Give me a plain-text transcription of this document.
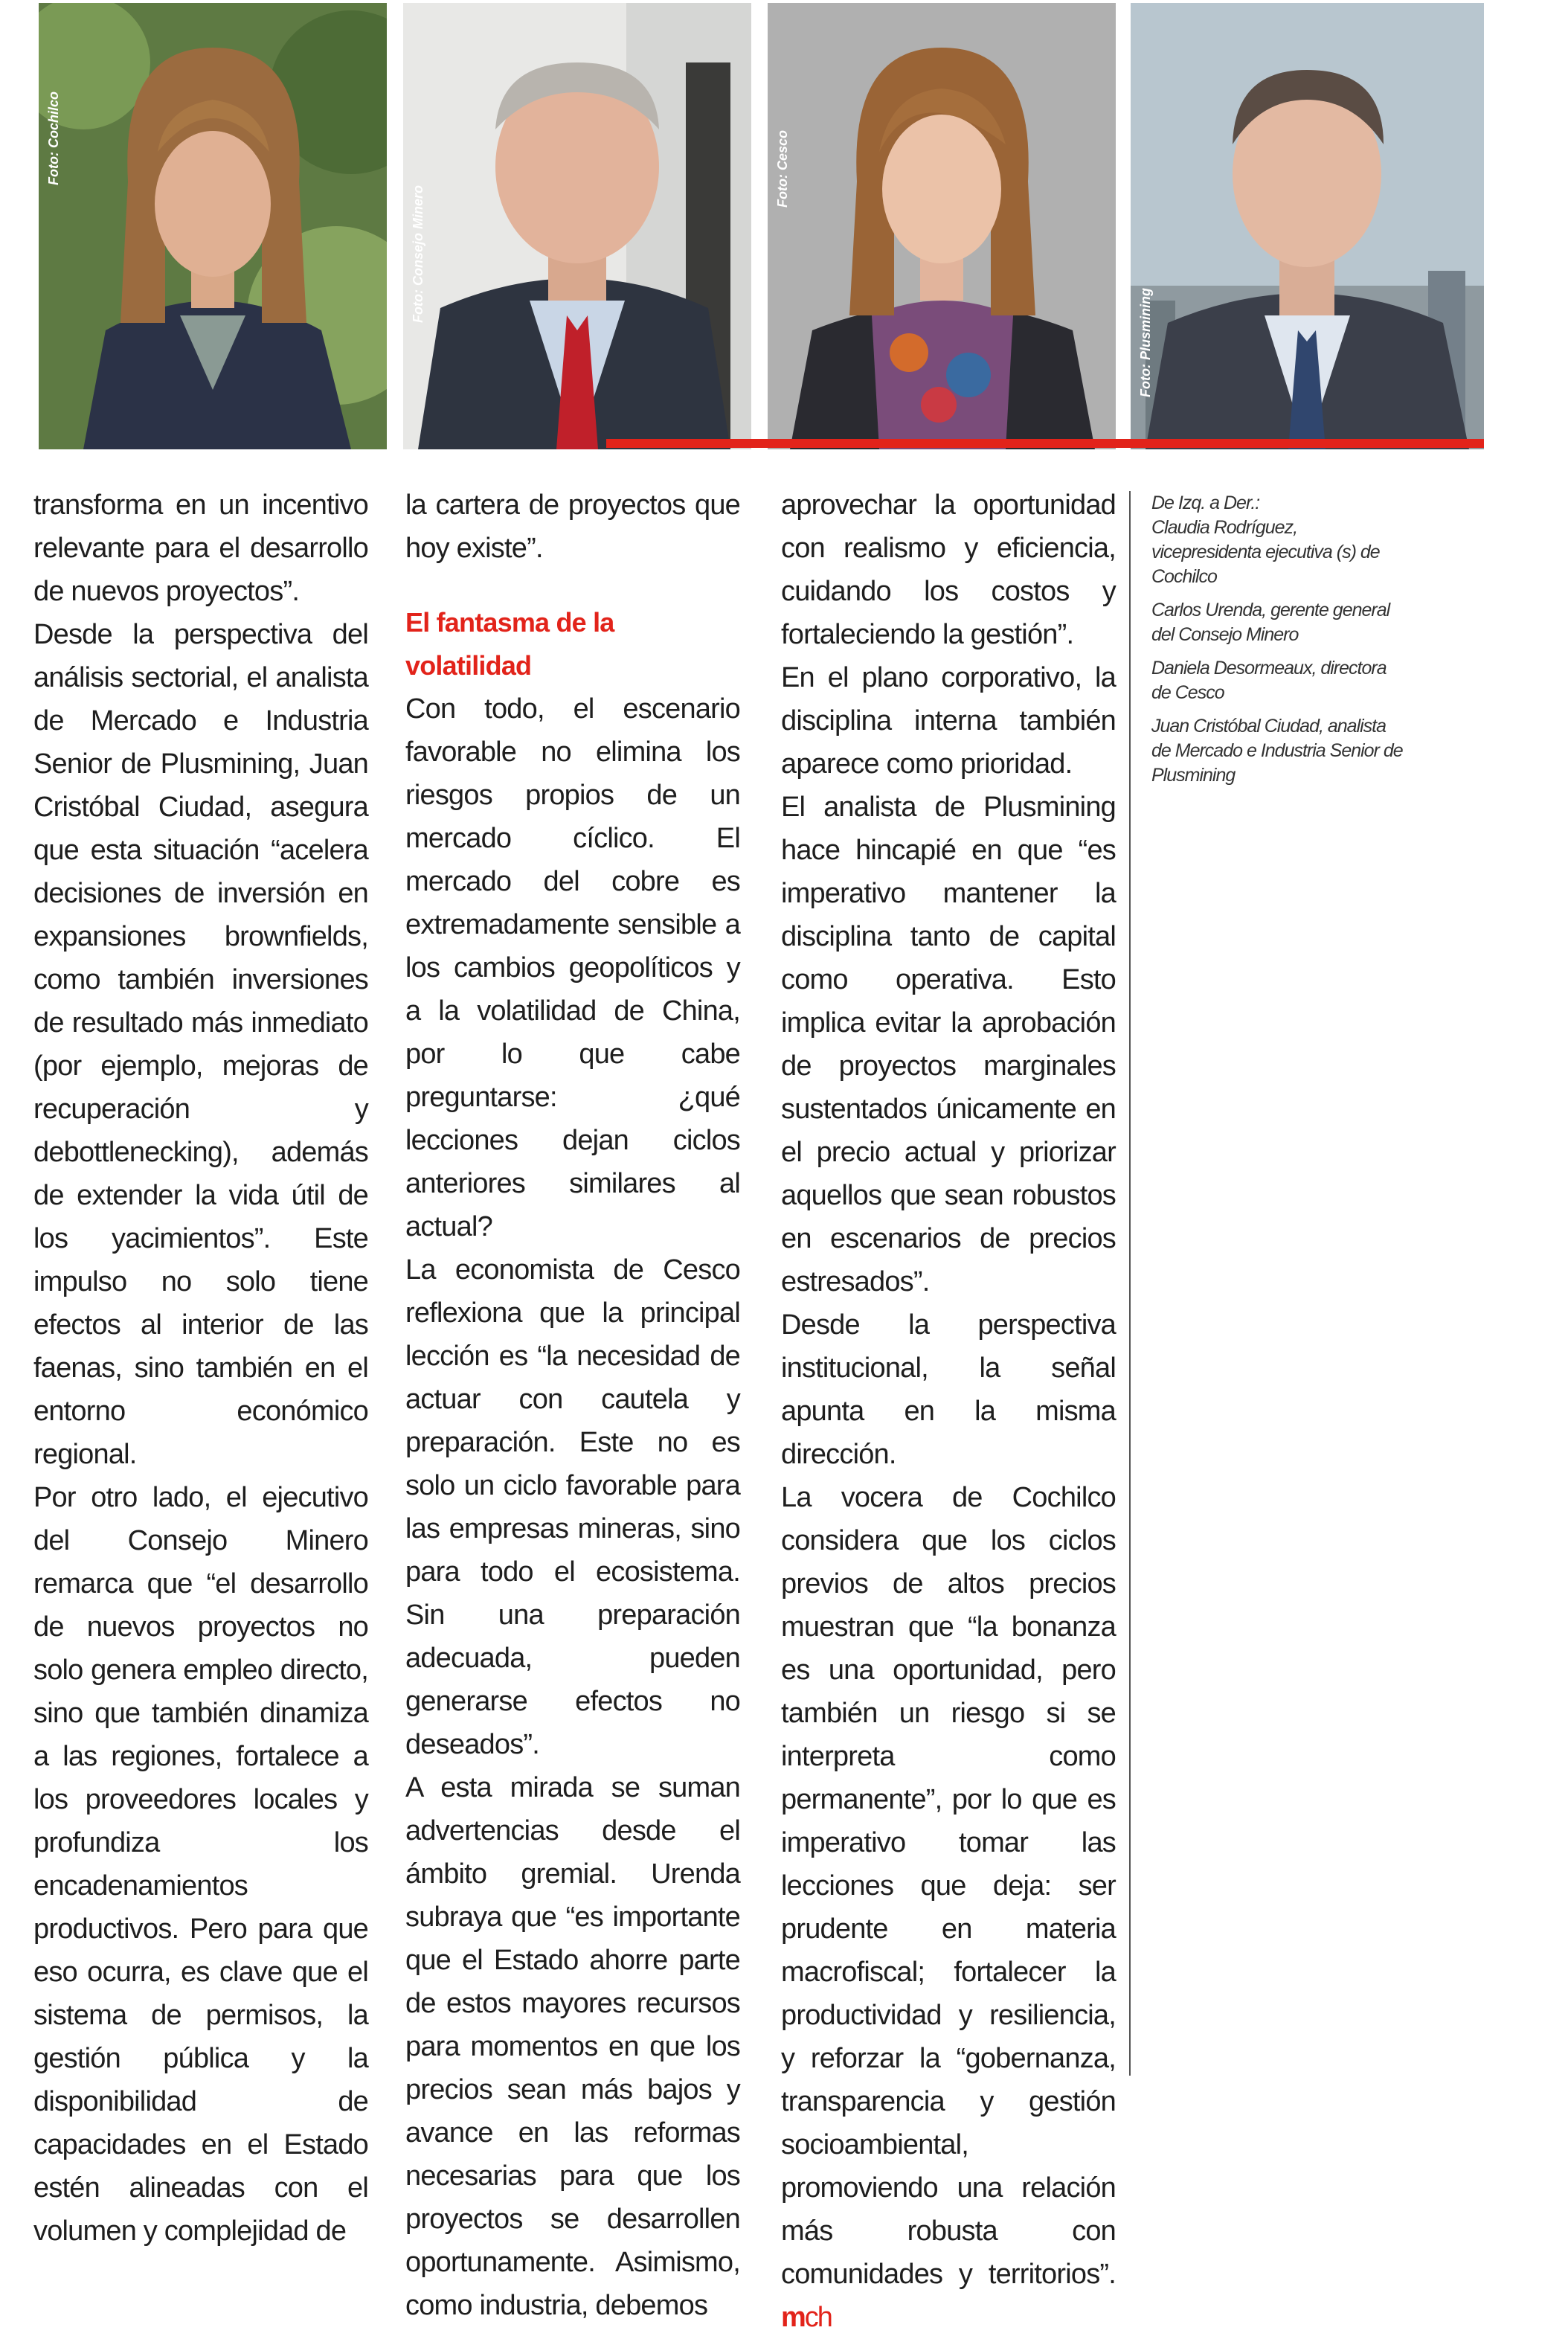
Foto: Cochilco
Foto: Consejo Minero
Foto: Cesco
Foto: Plusmining

transforma en un incentivo relevante para el desarrollo de nuevos proyectos”.

Desde la perspectiva del análisis sectorial, el analista de Mercado e Industria Senior de Plusmining, Juan Cristóbal Ciudad, asegura que esta situación “acelera decisiones de inversión en expansiones brownfields, como también inversiones de resultado más inmediato (por ejemplo, mejoras de recuperación y debottlenecking), además de extender la vida útil de los yacimientos”. Este impulso no solo tiene efectos al interior de las faenas, sino también en el entorno económico regional.

Por otro lado, el ejecutivo del Consejo Minero remarca que “el desarrollo de nuevos proyectos no solo genera empleo directo, sino que también dinamiza a las regiones, fortalece a los proveedores locales y profundiza los encadenamientos productivos. Pero para que eso ocurra, es clave que el sistema de permisos, la gestión pública y la disponibilidad de capacidades en el Estado estén alineadas con el volumen y complejidad de

la cartera de proyectos que hoy existe”.

El fantasma de la volatilidad

Con todo, el escenario favorable no elimina los riesgos propios de un mercado cíclico. El mercado del cobre es extremadamente sensible a los cambios geopolíticos y a la volatilidad de China, por lo que cabe preguntarse: ¿qué lecciones dejan ciclos anteriores similares al actual?

La economista de Cesco reflexiona que la principal lección es “la necesidad de actuar con cautela y preparación. Este no es solo un ciclo favorable para las empresas mineras, sino para todo el ecosistema. Sin una preparación adecuada, pueden generarse efectos no deseados”.

A esta mirada se suman advertencias desde el ámbito gremial. Urenda subraya que “es importante que el Estado ahorre parte de estos mayores recursos para momentos en que los precios sean más bajos y avance en las reformas necesarias para que los proyectos se desarrollen oportunamente. Asimismo, como industria, debemos

aprovechar la oportunidad con realismo y eficiencia, cuidando los costos y fortaleciendo la gestión”.

En el plano corporativo, la disciplina interna también aparece como prioridad.

El analista de Plusmining hace hincapié en que “es imperativo mantener la disciplina tanto de capital como operativa. Esto implica evitar la aprobación de proyectos marginales sustentados únicamente en el precio actual y priorizar aquellos que sean robustos en escenarios de precios estresados”.

Desde la perspectiva institucional, la señal apunta en la misma dirección.

La vocera de Cochilco considera que los ciclos previos de altos precios muestran que “la bonanza es una oportunidad, pero también un riesgo si se interpreta como permanente”, por lo que es imperativo tomar las lecciones que deja: ser prudente en materia macrofiscal; fortalecer la productividad y resiliencia, y reforzar la “gobernanza, transparencia y gestión socioambiental, promoviendo una relación más robusta con comunidades y territorios”. mch

De Izq. a Der.:
Claudia Rodríguez, vicepresidenta ejecutiva (s) de Cochilco
Carlos Urenda, gerente general del Consejo Minero
Daniela Desormeaux, directora de Cesco
Juan Cristóbal Ciudad, analista de Mercado e Industria Senior de Plusmining
